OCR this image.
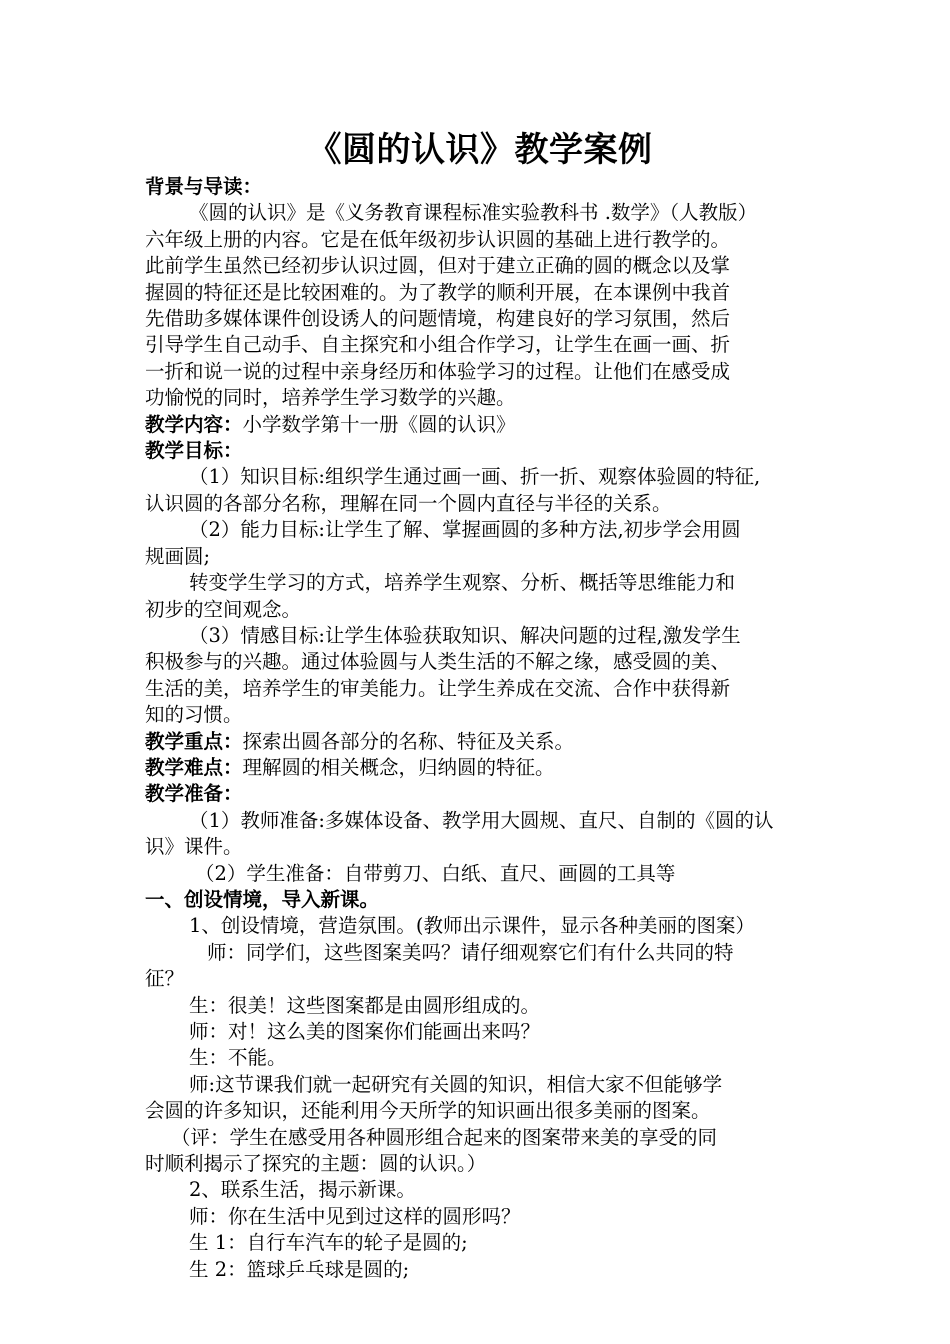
《圆的认识》教学案例

背景与导读：

《圆的认识》是《义务教育课程标准实验教科书 .数学》（人教版）

六年级上册的内容。它是在低年级初步认识圆的基础上进行教学的。

此前学生虽然已经初步认识过圆，但对于建立正确的圆的概念以及掌

握圆的特征还是比较困难的。为了教学的顺利开展，在本课例中我首

先借助多媒体课件创设诱人的问题情境，构建良好的学习氛围，然后

引导学生自己动手、自主探究和小组合作学习，让学生在画一画、折

一折和说一说的过程中亲身经历和体验学习的过程。让他们在感受成

功愉悦的同时，培养学生学习数学的兴趣。

教学内容：小学数学第十一册《圆的认识》

教学目标：

（1）知识目标:组织学生通过画一画、折一折、观察体验圆的特征,

认识圆的各部分名称，理解在同一个圆内直径与半径的关系。

（2）能力目标:让学生了解、掌握画圆的多种方法,初步学会用圆

规画圆;

转变学生学习的方式，培养学生观察、分析、概括等思维能力和

初步的空间观念。

（3）情感目标:让学生体验获取知识、解决问题的过程,激发学生

积极参与的兴趣。通过体验圆与人类生活的不解之缘，感受圆的美、

生活的美，培养学生的审美能力。让学生养成在交流、合作中获得新

知的习惯。

教学重点：探索出圆各部分的名称、特征及关系。

教学难点：理解圆的相关概念，归纳圆的特征。

教学准备：

（1）教师准备:多媒体设备、教学用大圆规、直尺、自制的《圆的认

识》课件。

（2）学生准备：自带剪刀、白纸、直尺、画圆的工具等

一、创设情境，导入新课。

1、创设情境，营造氛围。(教师出示课件，显示各种美丽的图案）

师：同学们，这些图案美吗？请仔细观察它们有什么共同的特

征？

生：很美！这些图案都是由圆形组成的。

师：对！这么美的图案你们能画出来吗？

生：不能。

师:这节课我们就一起研究有关圆的知识，相信大家不但能够学

会圆的许多知识，还能利用今天所学的知识画出很多美丽的图案。

（评：学生在感受用各种圆形组合起来的图案带来美的享受的同

时顺利揭示了探究的主题：圆的认识。）

2、联系生活，揭示新课。

师：你在生活中见到过这样的圆形吗？

生 1：自行车汽车的轮子是圆的;

生 2：篮球乒乓球是圆的;
